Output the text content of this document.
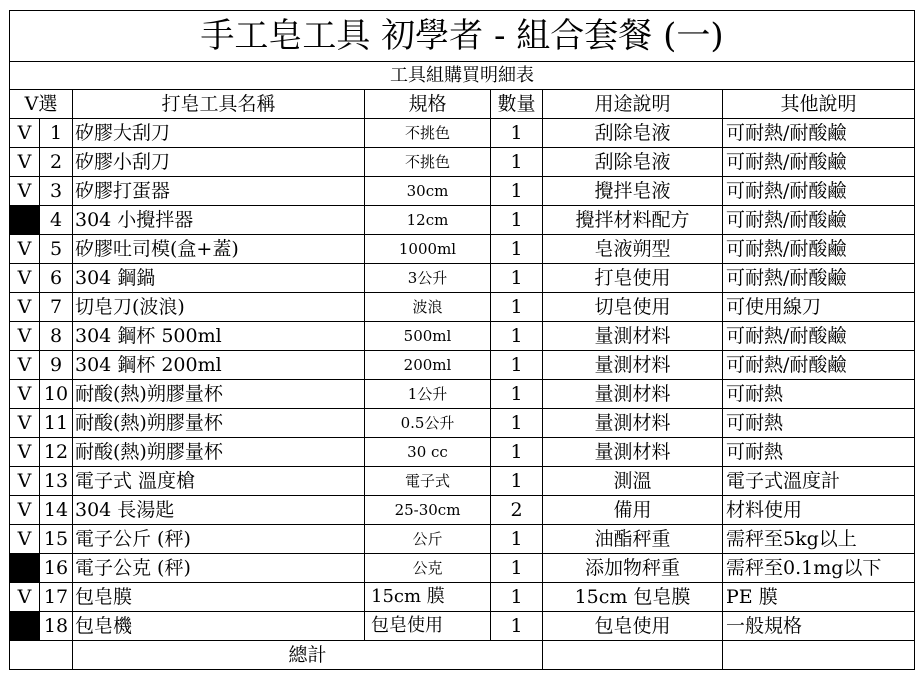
手工皂工具 初學者 - 組合套餐 (一)						
工具組購買明細表						
V選		打皂工具名稱	規格	數量	用途說明	其他說明
V	1	矽膠大刮刀	不挑色	1	刮除皂液	可耐熱/耐酸鹼
V	2	矽膠小刮刀	不挑色	1	刮除皂液	可耐熱/耐酸鹼
V	3	矽膠打蛋器	30cm	1	攪拌皂液	可耐熱/耐酸鹼
	4	304 小攪拌器	12cm	1	攪拌材料配方	可耐熱/耐酸鹼
V	5	矽膠吐司模(盒+蓋)	1000ml	1	皂液朔型	可耐熱/耐酸鹼
V	6	304 鋼鍋	3公升	1	打皂使用	可耐熱/耐酸鹼
V	7	切皂刀(波浪)	波浪	1	切皂使用	可使用線刀
V	8	304 鋼杯 500ml	500ml	1	量測材料	可耐熱/耐酸鹼
V	9	304 鋼杯 200ml	200ml	1	量測材料	可耐熱/耐酸鹼
V	10	耐酸(熱)朔膠量杯	1公升	1	量測材料	可耐熱
V	11	耐酸(熱)朔膠量杯	0.5公升	1	量測材料	可耐熱
V	12	耐酸(熱)朔膠量杯	30 cc	1	量測材料	可耐熱
V	13	電子式 溫度槍	電子式	1	測溫	電子式溫度計
V	14	304 長湯匙	25-30cm	2	備用	材料使用
V	15	電子公斤 (秤)	公斤	1	油酯秤重	需秤至5kg以上
	16	電子公克 (秤)	公克	1	添加物秤重	需秤至0.1mg以下
V	17	包皂膜	15cm 膜	1	15cm 包皂膜	PE 膜
	18	包皂機	包皂使用	1	包皂使用	一般規格
		總計				
